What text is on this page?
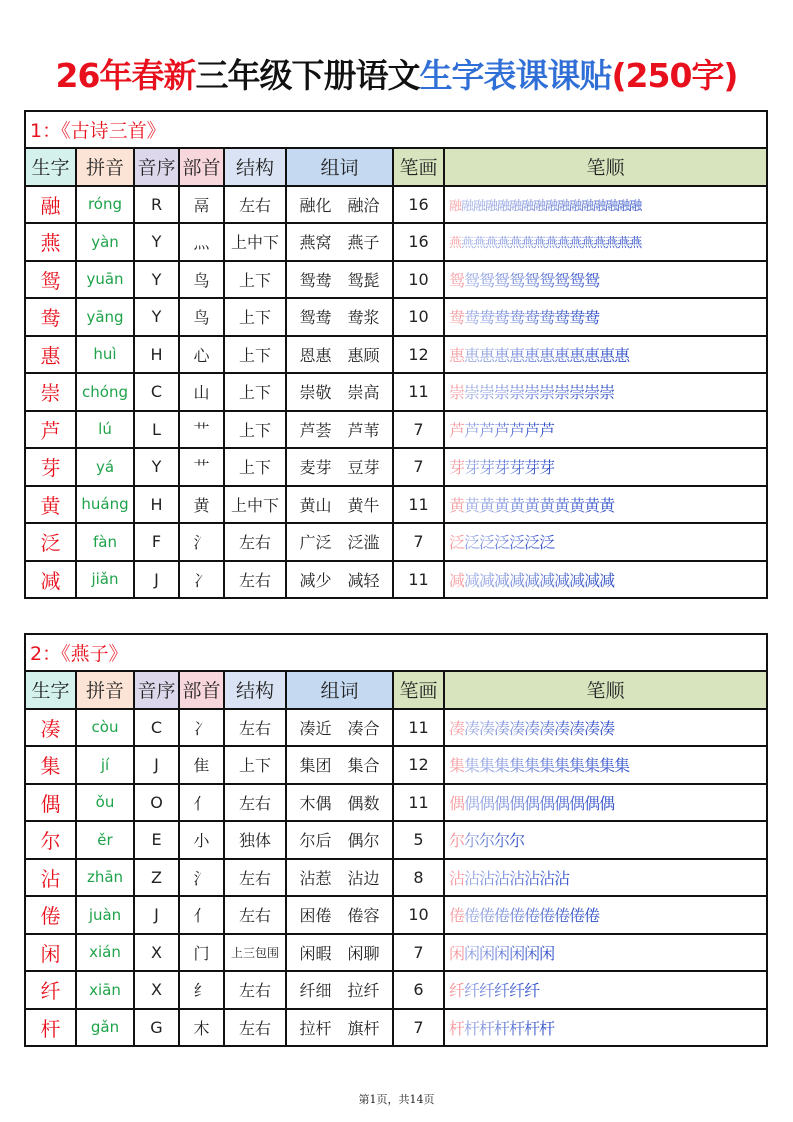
26年春新三年级下册语文生字表课课贴(250字)
1：《古诗三首》							
生字	拼音	音序	部首	结构	组词	笔画	笔顺
融	róng	R	鬲	左右	融化　融洽	16	融融融融融融融融融融融融融融融融
燕	yàn	Y	灬	上中下	燕窝　燕子	16	燕燕燕燕燕燕燕燕燕燕燕燕燕燕燕燕
鸳	yuān	Y	鸟	上下	鸳鸯　鸳髭	10	鸳鸳鸳鸳鸳鸳鸳鸳鸳鸳
鸯	yāng	Y	鸟	上下	鸳鸯　鸯浆	10	鸯鸯鸯鸯鸯鸯鸯鸯鸯鸯
惠	huì	H	心	上下	恩惠　惠顾	12	惠惠惠惠惠惠惠惠惠惠惠惠
崇	chóng	C	山	上下	崇敬　崇高	11	崇崇崇崇崇崇崇崇崇崇崇
芦	lú	L	艹	上下	芦荟　芦苇	7	芦芦芦芦芦芦芦
芽	yá	Y	艹	上下	麦芽　豆芽	7	芽芽芽芽芽芽芽
黄	huáng	H	黄	上中下	黄山　黄牛	11	黄黄黄黄黄黄黄黄黄黄黄
泛	fàn	F	氵	左右	广泛　泛滥	7	泛泛泛泛泛泛泛
减	jiǎn	J	冫	左右	减少　减轻	11	减减减减减减减减减减减
2：《燕子》							
生字	拼音	音序	部首	结构	组词	笔画	笔顺
凑	còu	C	冫	左右	凑近　凑合	11	凑凑凑凑凑凑凑凑凑凑凑
集	jí	J	隹	上下	集团　集合	12	集集集集集集集集集集集集
偶	ǒu	O	亻	左右	木偶　偶数	11	偶偶偶偶偶偶偶偶偶偶偶
尔	ěr	E	小	独体	尔后　偶尔	5	尔尔尔尔尔
沾	zhān	Z	氵	左右	沾惹　沾边	8	沾沾沾沾沾沾沾沾
倦	juàn	J	亻	左右	困倦　倦容	10	倦倦倦倦倦倦倦倦倦倦
闲	xián	X	门	上三包围	闲暇　闲聊	7	闲闲闲闲闲闲闲
纤	xiān	X	纟	左右	纤细　拉纤	6	纤纤纤纤纤纤
杆	gǎn	G	木	左右	拉杆　旗杆	7	杆杆杆杆杆杆杆
第1页，共14页
